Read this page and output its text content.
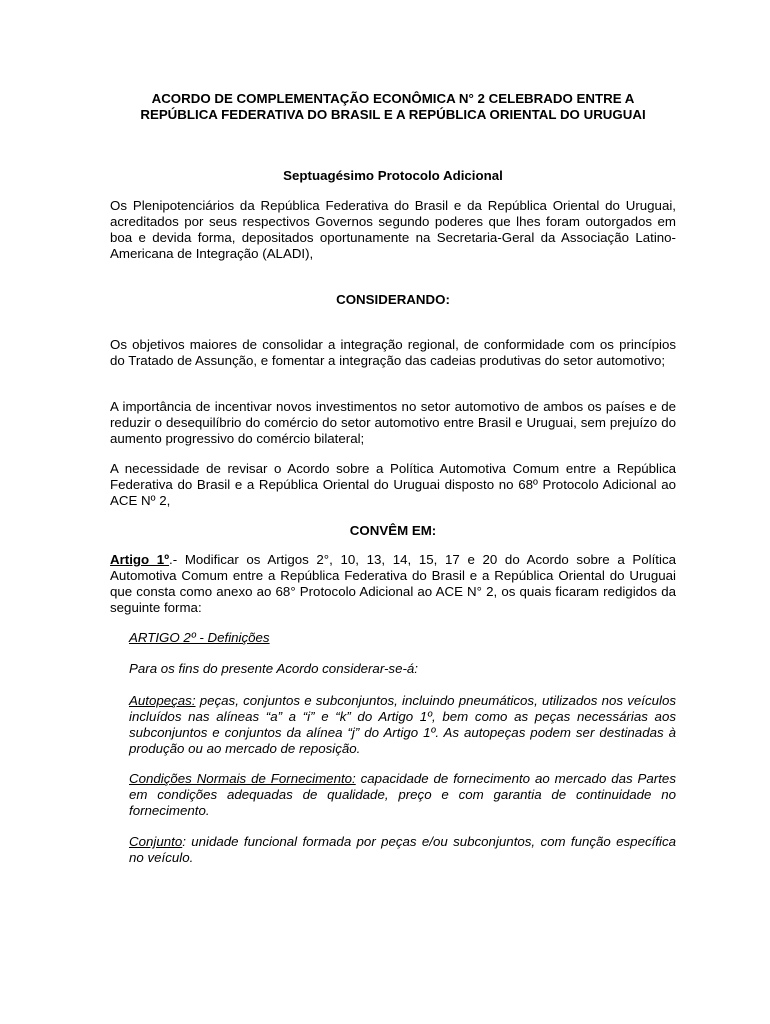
ACORDO DE COMPLEMENTAÇÃO ECONÔMICA N° 2 CELEBRADO ENTRE A
REPÚBLICA FEDERATIVA DO BRASIL E A REPÚBLICA ORIENTAL DO URUGUAI
Septuagésimo Protocolo Adicional

Os Plenipotenciários da República Federativa do Brasil e da República Oriental do Uruguai, acreditados por seus respectivos Governos segundo poderes que lhes foram outorgados em boa e devida forma, depositados oportunamente na Secretaria-Geral da Associação Latino-Americana de Integração (ALADI),

CONSIDERANDO:

Os objetivos maiores de consolidar a integração regional, de conformidade com os princípios do Tratado de Assunção, e fomentar a integração das cadeias produtivas do setor automotivo;

A importância de incentivar novos investimentos no setor automotivo de ambos os países e de reduzir o desequilíbrio do comércio do setor automotivo entre Brasil e Uruguai, sem prejuízo do aumento progressivo do comércio bilateral;

A necessidade de revisar o Acordo sobre a Política Automotiva Comum entre a República Federativa do Brasil e a República Oriental do Uruguai disposto no 68º Protocolo Adicional ao ACE Nº 2,

CONVÊM EM:

Artigo 1º.- Modificar os Artigos 2°, 10, 13, 14, 15, 17 e 20 do Acordo sobre a Política Automotiva Comum entre a República Federativa do Brasil e a República Oriental do Uruguai que consta como anexo ao 68° Protocolo Adicional ao ACE N° 2, os quais ficaram redigidos da seguinte forma:

ARTIGO 2º - Definições

Para os fins do presente Acordo considerar-se-á:

Autopeças: peças, conjuntos e subconjuntos, incluindo pneumáticos, utilizados nos veículos incluídos nas alíneas “a” a “i” e “k” do Artigo 1º, bem como as peças necessárias aos subconjuntos e conjuntos da alínea “j” do Artigo 1º. As autopeças podem ser destinadas à produção ou ao mercado de reposição.

Condições Normais de Fornecimento: capacidade de fornecimento ao mercado das Partes em condições adequadas de qualidade, preço e com garantia de continuidade no fornecimento.

Conjunto: unidade funcional formada por peças e/ou subconjuntos, com função específica no veículo.
